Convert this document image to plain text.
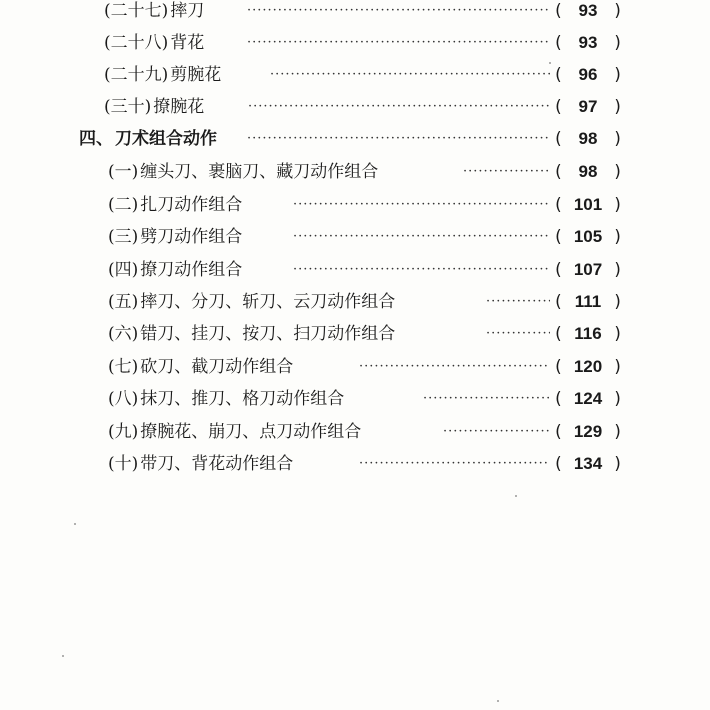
(二十七) 摔刀 ·····	( 93 )
(二十八) 背花 ·····	( 93 )
(二十九) 剪腕花 ·····	( 96 )
(三十) 撩腕花 ·····	( 97 )
四、 刀术组合动作 ·····	( 98 )
(一) 缠头刀、裹脑刀、藏刀动作组合 ·····	( 98 )
(二) 扎刀动作组合 ·····	( 101 )
(三) 劈刀动作组合 ·····	( 105 )
(四) 撩刀动作组合 ·····	( 107 )
(五) 摔刀、分刀、斩刀、云刀动作组合 ·····	( 111 )
(六) 错刀、挂刀、按刀、扫刀动作组合 ·····	( 116 )
(七) 砍刀、截刀动作组合 ·····	( 120 )
(八) 抹刀、推刀、格刀动作组合 ·····	( 124 )
(九) 撩腕花、崩刀、点刀动作组合 ·····	( 129 )
(十) 带刀、背花动作组合 ·····	( 134 )
